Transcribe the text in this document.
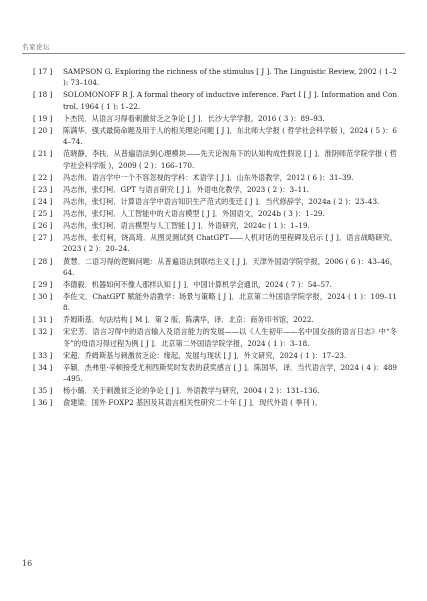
名家论坛
[ 17 ]	SAMPSON G. Exploring the richness of the stimulus [ J ]. The Linguistic Review, 2002 ( 1–2 ): 73–104.
[ 18 ]	SOLOMONOFF R J. A formal theory of inductive inference. Part I [ J ]. Information and Control, 1964 ( 1 ): 1–22.
[ 19 ]	卜杰民．从语言习得看刺激贫乏之争论 [ J ]．长沙大学学报，2016 ( 3 )：89–93.
[ 20 ]	陈满华．强式最简命题及用于人的相关理论问题 [ J ]．东北师大学报 ( 哲学社会科学版 )，2024 ( 5 )：64–74.
[ 21 ]	范晓静，李扶．从普遍语法到心理模块——先天论视角下的认知构成性假说 [ J ]．淮阴师范学院学报 ( 哲学社会科学版 )，2009 ( 2 )：166–170.
[ 22 ]	冯志伟．语言学中一个不容忽视的学科：术语学 [ J ]．山东外语教学，2012 ( 6 )：31–39.
[ 23 ]	冯志伟，张灯柯．GPT 与语言研究 [ J ]．外语电化教学，2023 ( 2 )：3–11.
[ 24 ]	冯志伟，张灯柯．计算语言学中语言知识生产范式的变迁 [ J ]．当代修辞学，2024a ( 2 )：23–43.
[ 25 ]	冯志伟，张灯柯．人工智能中的大语言模型 [ J ]．外国语文，2024b ( 3 )：1–29.
[ 26 ]	冯志伟，张灯柯．语言模型与人工智能 [ J ]．外语研究，2024c ( 1 )：1–19.
[ 27 ]	冯志伟，张灯柯，饶高琦．从图灵测试到 ChatGPT——人机对话的里程碑及启示 [ J ]．语言战略研究，2023 ( 2 )：20–24.
[ 28 ]	黄慧．二语习得的逻辑问题：从普遍语法到联结主义 [ J ]．天津外国语学院学报，2006 ( 6 )：43–46，64.
[ 29 ]	李德毅．机器如何不像人那样认知 [ J ]．中国计算机学会通讯，2024 ( 7 )：54–57.
[ 30 ]	李佐文．ChatGPT 赋能外语教学：场景与策略 [ J ]．北京第二外国语学院学报，2024 ( 1 )：109–118.
[ 31 ]	乔姆斯基．句法结构 [ M ]．第 2 版．陈满华，译．北京：商务印书馆，2022.
[ 32 ]	宋宏芳．语言习得中的语言输入及语言能力的发展——以《人生初年——名中国女孩的语言日志》中“冬冬”的母语习得过程为例 [ J ]．北京第二外国语学院学报，2024 ( 1 )：3–18.
[ 33 ]	宋超．乔姆斯基与刺激贫乏论：缘起、发展与现状 [ J ]．外文研究，2024 ( 1 )：17–23.
[ 34 ]	辛颖．杰弗里·辛顿接受尤利西斯奖时发表的获奖感言 [ J ]．陈国华，译．当代语言学，2024 ( 4 )：489–495.
[ 35 ]	杨小璐．关于刺激贫乏论的争论 [ J ]．外语教学与研究，2004 ( 2 )：131–136.
[ 36 ]	俞建梁．国外 FOXP2 基因及其语言相关性研究二十年 [ J ]．现代外语 ( 季刊 )，
16
